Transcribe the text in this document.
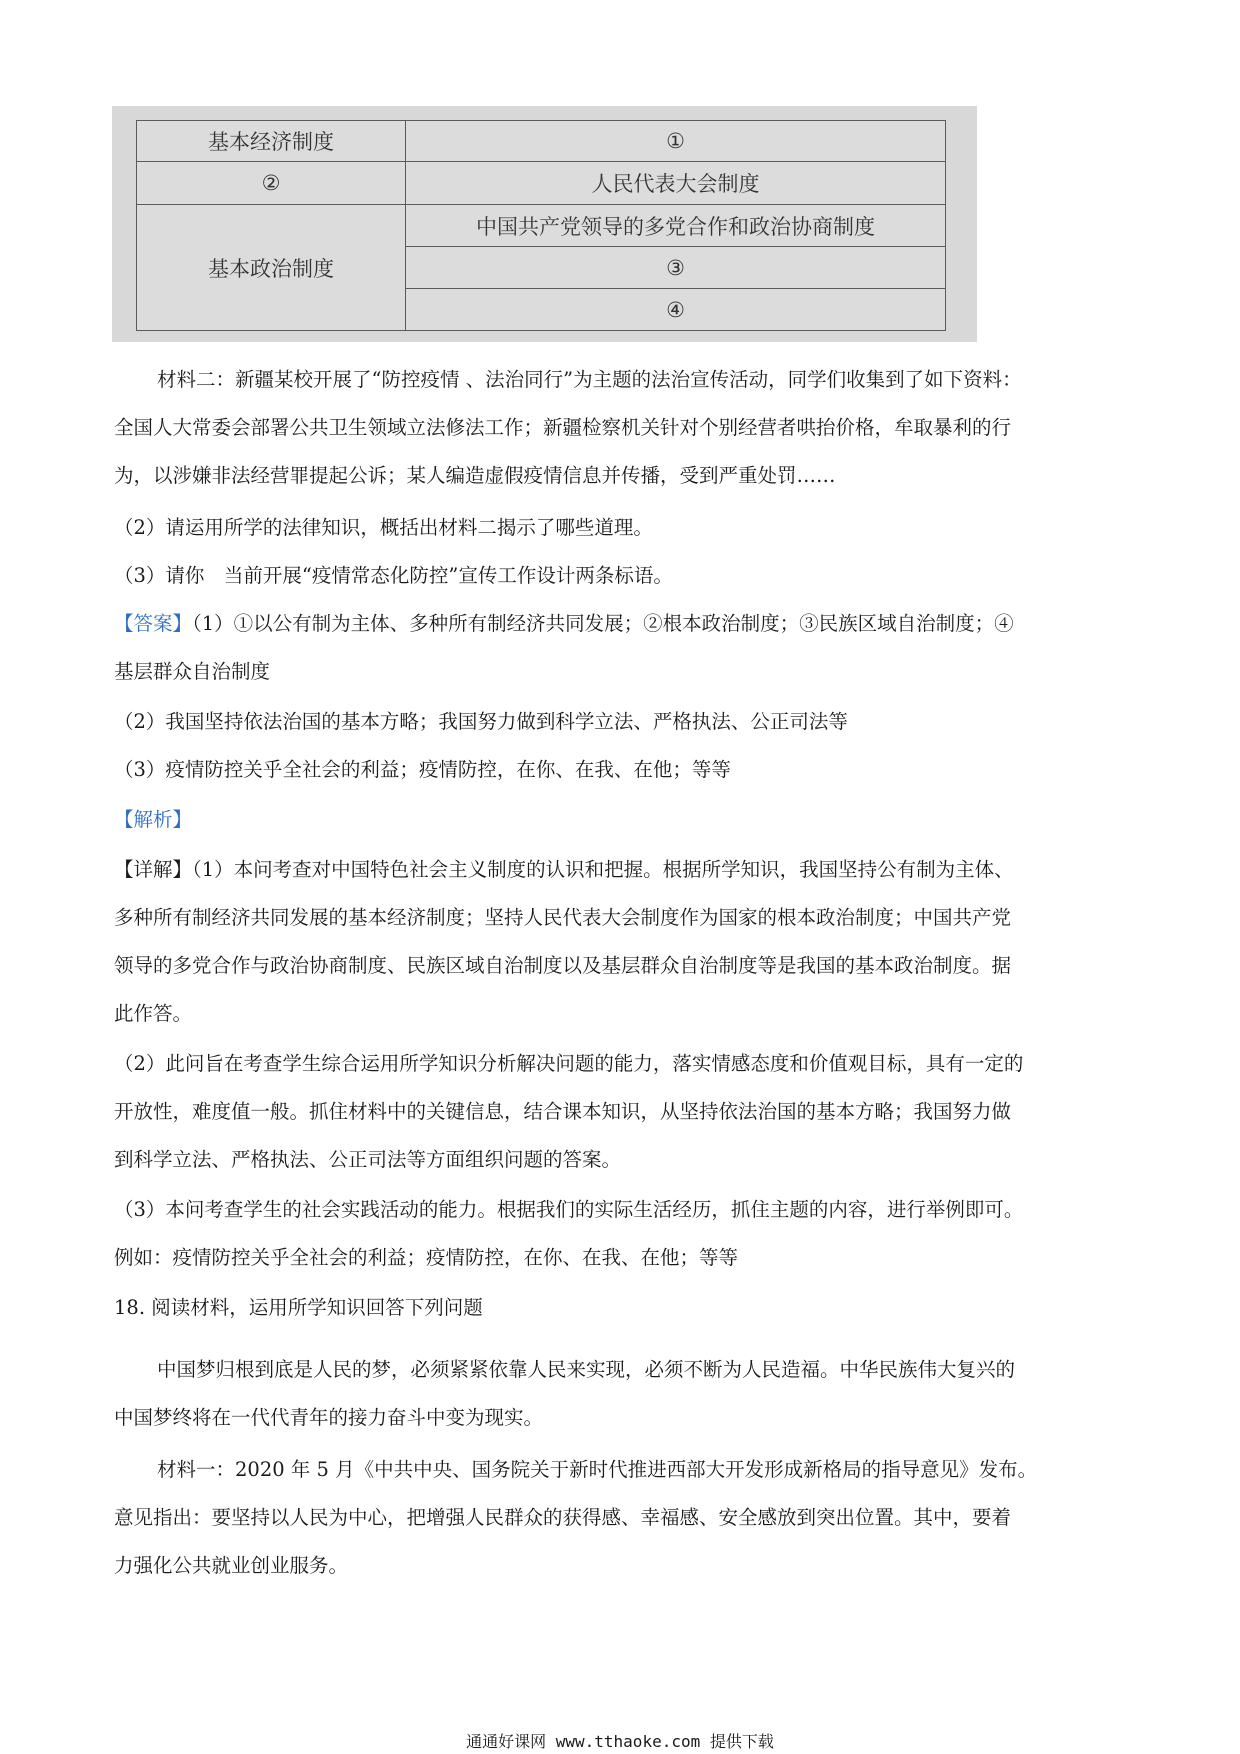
基本经济制度	①
②	人民代表大会制度
基本政治制度	中国共产党领导的多党合作和政治协商制度
	③
	④
材料二：新疆某校开展了“防控疫情 、法治同行”为主题的法治宣传活动，同学们收集到了如下资料：
全国人大常委会部署公共卫生领域立法修法工作；新疆检察机关针对个别经营者哄抬价格，牟取暴利的行
为，以涉嫌非法经营罪提起公诉；某人编造虚假疫情信息并传播，受到严重处罚……
（2）请运用所学的法律知识，概括出材料二揭示了哪些道理。
（3）请你　当前开展“疫情常态化防控”宣传工作设计两条标语。
【答案】（1）①以公有制为主体、多种所有制经济共同发展；②根本政治制度；③民族区域自治制度；④
基层群众自治制度
（2）我国坚持依法治国的基本方略；我国努力做到科学立法、严格执法、公正司法等
（3）疫情防控关乎全社会的利益；疫情防控，在你、在我、在他；等等
【解析】
【详解】（1）本问考查对中国特色社会主义制度的认识和把握。根据所学知识，我国坚持公有制为主体、
多种所有制经济共同发展的基本经济制度；坚持人民代表大会制度作为国家的根本政治制度；中国共产党
领导的多党合作与政治协商制度、民族区域自治制度以及基层群众自治制度等是我国的基本政治制度。据
此作答。
（2）此问旨在考查学生综合运用所学知识分析解决问题的能力，落实情感态度和价值观目标，具有一定的
开放性，难度值一般。抓住材料中的关键信息，结合课本知识，从坚持依法治国的基本方略；我国努力做
到科学立法、严格执法、公正司法等方面组织问题的答案。
（3）本问考查学生的社会实践活动的能力。根据我们的实际生活经历，抓住主题的内容，进行举例即可。
例如：疫情防控关乎全社会的利益；疫情防控，在你、在我、在他；等等
18. 阅读材料，运用所学知识回答下列问题
中国梦归根到底是人民的梦，必须紧紧依靠人民来实现，必须不断为人民造福。中华民族伟大复兴的
中国梦终将在一代代青年的接力奋斗中变为现实。
材料一：2020 年 5 月《中共中央、国务院关于新时代推进西部大开发形成新格局的指导意见》发布。
意见指出：要坚持以人民为中心，把增强人民群众的获得感、幸福感、安全感放到突出位置。其中，要着
力强化公共就业创业服务。
通通好课网 www.tthaoke.com 提供下载
